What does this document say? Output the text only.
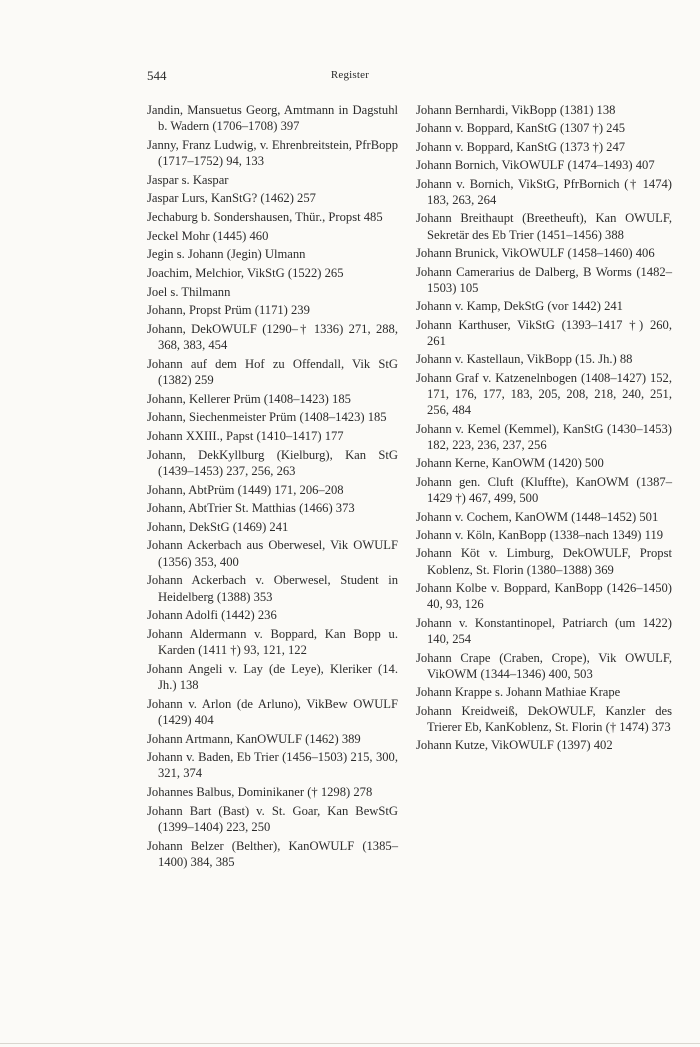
544	Register

Jandin, Mansuetus Georg, Amtmann in Dagstuhl b. Wadern (1706–1708) 397

Janny, Franz Ludwig, v. Ehrenbreitstein, PfrBopp (1717–1752) 94, 133

Jaspar s. Kaspar

Jaspar Lurs, KanStG? (1462) 257

Jechaburg b. Sondershausen, Thür., Propst 485

Jeckel Mohr (1445) 460

Jegin s. Johann (Jegin) Ulmann

Joachim, Melchior, VikStG (1522) 265

Joel s. Thilmann

Johann, Propst Prüm (1171) 239

Johann, DekOWULF (1290–† 1336) 271, 288, 368, 383, 454

Johann auf dem Hof zu Offendall, Vik StG (1382) 259

Johann, Kellerer Prüm (1408–1423) 185

Johann, Siechenmeister Prüm (1408–1423) 185

Johann XXIII., Papst (1410–1417) 177

Johann, DekKyllburg (Kielburg), Kan StG (1439–1453) 237, 256, 263

Johann, AbtPrüm (1449) 171, 206–208

Johann, AbtTrier St. Matthias (1466) 373

Johann, DekStG (1469) 241

Johann Ackerbach aus Oberwesel, Vik OWULF (1356) 353, 400

Johann Ackerbach v. Oberwesel, Student in Heidelberg (1388) 353

Johann Adolfi (1442) 236

Johann Aldermann v. Boppard, Kan Bopp u. Karden (1411 †) 93, 121, 122

Johann Angeli v. Lay (de Leye), Kleriker (14. Jh.) 138

Johann v. Arlon (de Arluno), VikBew OWULF (1429) 404

Johann Artmann, KanOWULF (1462) 389

Johann v. Baden, Eb Trier (1456–1503) 215, 300, 321, 374

Johannes Balbus, Dominikaner († 1298) 278

Johann Bart (Bast) v. St. Goar, Kan BewStG (1399–1404) 223, 250

Johann Belzer (Belther), KanOWULF (1385–1400) 384, 385

Johann Bernhardi, VikBopp (1381) 138

Johann v. Boppard, KanStG (1307 †) 245

Johann v. Boppard, KanStG (1373 †) 247

Johann Bornich, VikOWULF (1474–1493) 407

Johann v. Bornich, VikStG, PfrBornich († 1474) 183, 263, 264

Johann Breithaupt (Breetheuft), Kan OWULF, Sekretär des Eb Trier (1451–1456) 388

Johann Brunick, VikOWULF (1458–1460) 406

Johann Camerarius de Dalberg, B Worms (1482–1503) 105

Johann v. Kamp, DekStG (vor 1442) 241

Johann Karthuser, VikStG (1393–1417 †) 260, 261

Johann v. Kastellaun, VikBopp (15. Jh.) 88

Johann Graf v. Katzenelnbogen (1408–1427) 152, 171, 176, 177, 183, 205, 208, 218, 240, 251, 256, 484

Johann v. Kemel (Kemmel), KanStG (1430–1453) 182, 223, 236, 237, 256

Johann Kerne, KanOWM (1420) 500

Johann gen. Cluft (Kluffte), KanOWM (1387–1429 †) 467, 499, 500

Johann v. Cochem, KanOWM (1448–1452) 501

Johann v. Köln, KanBopp (1338–nach 1349) 119

Johann Köt v. Limburg, DekOWULF, Propst Koblenz, St. Florin (1380–1388) 369

Johann Kolbe v. Boppard, KanBopp (1426–1450) 40, 93, 126

Johann v. Konstantinopel, Patriarch (um 1422) 140, 254

Johann Crape (Craben, Crope), Vik OWULF, VikOWM (1344–1346) 400, 503

Johann Krappe s. Johann Mathiae Krape

Johann Kreidweiß, DekOWULF, Kanzler des Trierer Eb, KanKoblenz, St. Florin († 1474) 373

Johann Kutze, VikOWULF (1397) 402
